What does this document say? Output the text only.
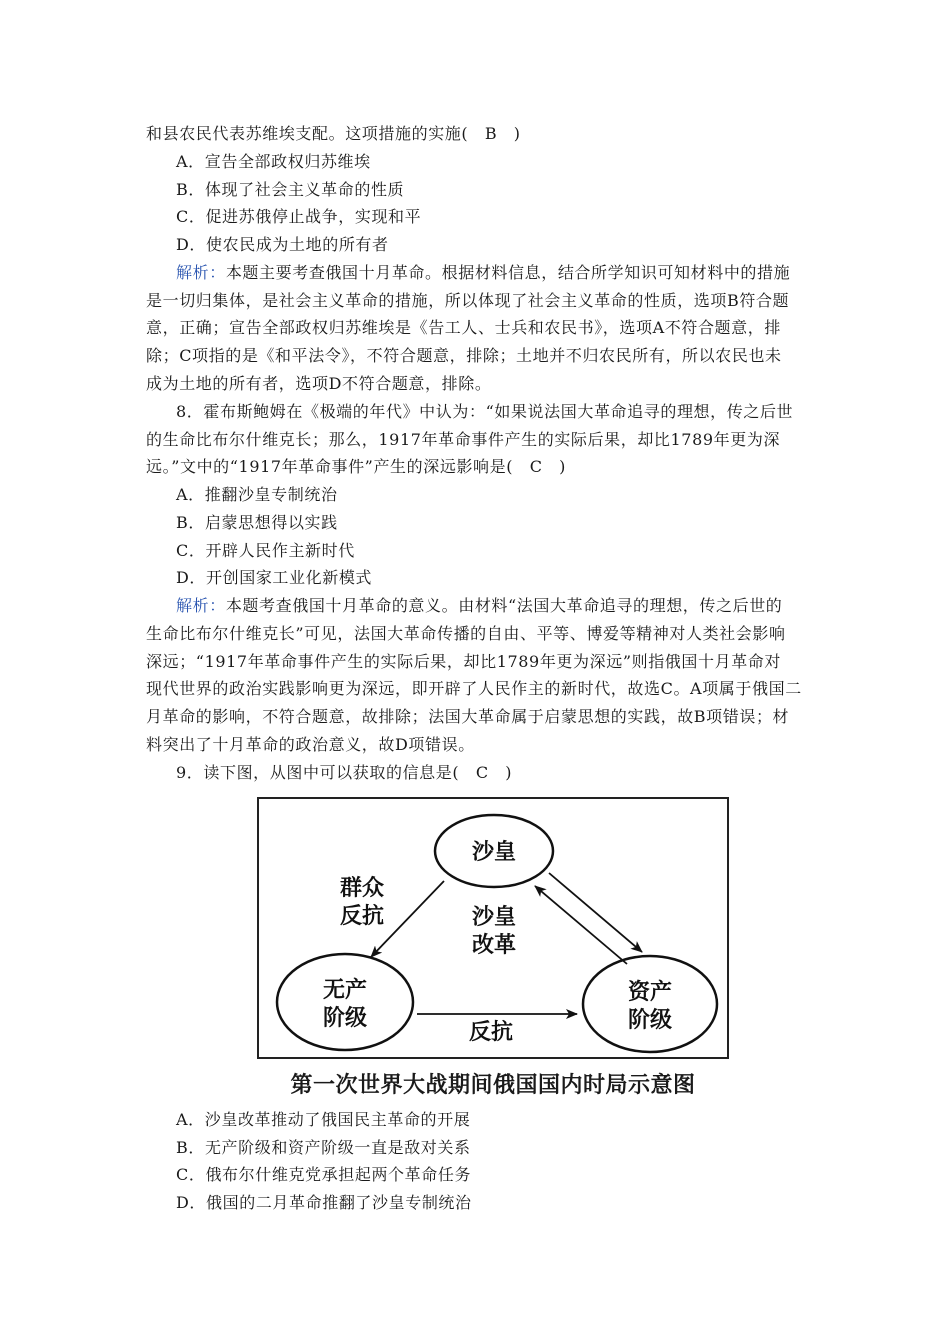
和县农民代表苏维埃支配。这项措施的实施(　B　)
A．宣告全部政权归苏维埃
B．体现了社会主义革命的性质
C．促进苏俄停止战争，实现和平
D．使农民成为土地的所有者
解析：本题主要考查俄国十月革命。根据材料信息，结合所学知识可知材料中的措施
是一切归集体，是社会主义革命的措施，所以体现了社会主义革命的性质，选项B符合题
意，正确；宣告全部政权归苏维埃是《告工人、士兵和农民书》，选项A不符合题意，排
除；C项指的是《和平法令》，不符合题意，排除；土地并不归农民所有，所以农民也未
成为土地的所有者，选项D不符合题意，排除。
8．霍布斯鲍姆在《极端的年代》中认为：“如果说法国大革命追寻的理想，传之后世
的生命比布尔什维克长；那么，1917年革命事件产生的实际后果，却比1789年更为深
远。”文中的“1917年革命事件”产生的深远影响是(　C　)
A．推翻沙皇专制统治
B．启蒙思想得以实践
C．开辟人民作主新时代
D．开创国家工业化新模式
解析：本题考查俄国十月革命的意义。由材料“法国大革命追寻的理想，传之后世的
生命比布尔什维克长”可见，法国大革命传播的自由、平等、博爱等精神对人类社会影响
深远；“1917年革命事件产生的实际后果，却比1789年更为深远”则指俄国十月革命对
现代世界的政治实践影响更为深远，即开辟了人民作主的新时代，故选C。A项属于俄国二
月革命的影响，不符合题意，故排除；法国大革命属于启蒙思想的实践，故B项错误；材
料突出了十月革命的政治意义，故D项错误。
9．读下图，从图中可以获取的信息是(　C　)
沙皇
无产
阶级
资产
阶级
群众
反抗	沙皇
改革
反抗
第一次世界大战期间俄国国内时局示意图
A．沙皇改革推动了俄国民主革命的开展
B．无产阶级和资产阶级一直是敌对关系
C．俄布尔什维克党承担起两个革命任务
D．俄国的二月革命推翻了沙皇专制统治
